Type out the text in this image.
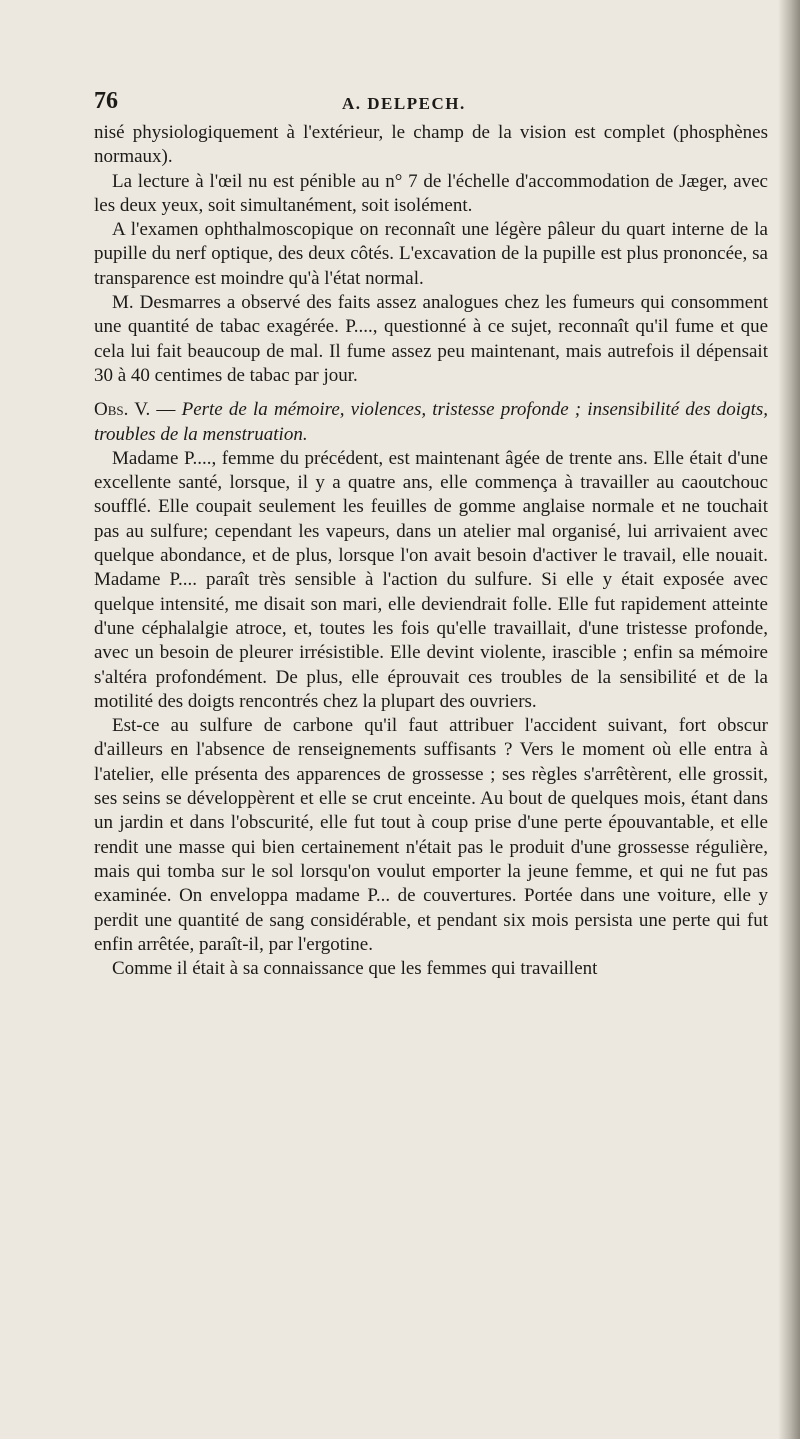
76	A. DELPECH.

nisé physiologiquement à l'extérieur, le champ de la vision est complet (phosphènes normaux).

La lecture à l'œil nu est pénible au n° 7 de l'échelle d'accommodation de Jæger, avec les deux yeux, soit simultanément, soit isolément.

A l'examen ophthalmoscopique on reconnaît une légère pâleur du quart interne de la pupille du nerf optique, des deux côtés. L'excavation de la pupille est plus prononcée, sa transparence est moindre qu'à l'état normal.

M. Desmarres a observé des faits assez analogues chez les fumeurs qui consomment une quantité de tabac exagérée. P...., questionné à ce sujet, reconnaît qu'il fume et que cela lui fait beaucoup de mal. Il fume assez peu maintenant, mais autrefois il dépensait 30 à 40 centimes de tabac par jour.

Obs. V. — Perte de la mémoire, violences, tristesse profonde ; insensibilité des doigts, troubles de la menstruation.

Madame P...., femme du précédent, est maintenant âgée de trente ans. Elle était d'une excellente santé, lorsque, il y a quatre ans, elle commença à travailler au caoutchouc soufflé. Elle coupait seulement les feuilles de gomme anglaise normale et ne touchait pas au sulfure; cependant les vapeurs, dans un atelier mal organisé, lui arrivaient avec quelque abondance, et de plus, lorsque l'on avait besoin d'activer le travail, elle nouait. Madame P.... paraît très sensible à l'action du sulfure. Si elle y était exposée avec quelque intensité, me disait son mari, elle deviendrait folle. Elle fut rapidement atteinte d'une céphalalgie atroce, et, toutes les fois qu'elle travaillait, d'une tristesse profonde, avec un besoin de pleurer irrésistible. Elle devint violente, irascible ; enfin sa mémoire s'altéra profondément. De plus, elle éprouvait ces troubles de la sensibilité et de la motilité des doigts rencontrés chez la plupart des ouvriers.

Est-ce au sulfure de carbone qu'il faut attribuer l'accident suivant, fort obscur d'ailleurs en l'absence de renseignements suffisants ? Vers le moment où elle entra à l'atelier, elle présenta des apparences de grossesse ; ses règles s'arrêtèrent, elle grossit, ses seins se développèrent et elle se crut enceinte. Au bout de quelques mois, étant dans un jardin et dans l'obscurité, elle fut tout à coup prise d'une perte épouvantable, et elle rendit une masse qui bien certainement n'était pas le produit d'une grossesse régulière, mais qui tomba sur le sol lorsqu'on voulut emporter la jeune femme, et qui ne fut pas examinée. On enveloppa madame P... de couvertures. Portée dans une voiture, elle y perdit une quantité de sang considérable, et pendant six mois persista une perte qui fut enfin arrêtée, paraît-il, par l'ergotine.

Comme il était à sa connaissance que les femmes qui travaillent
